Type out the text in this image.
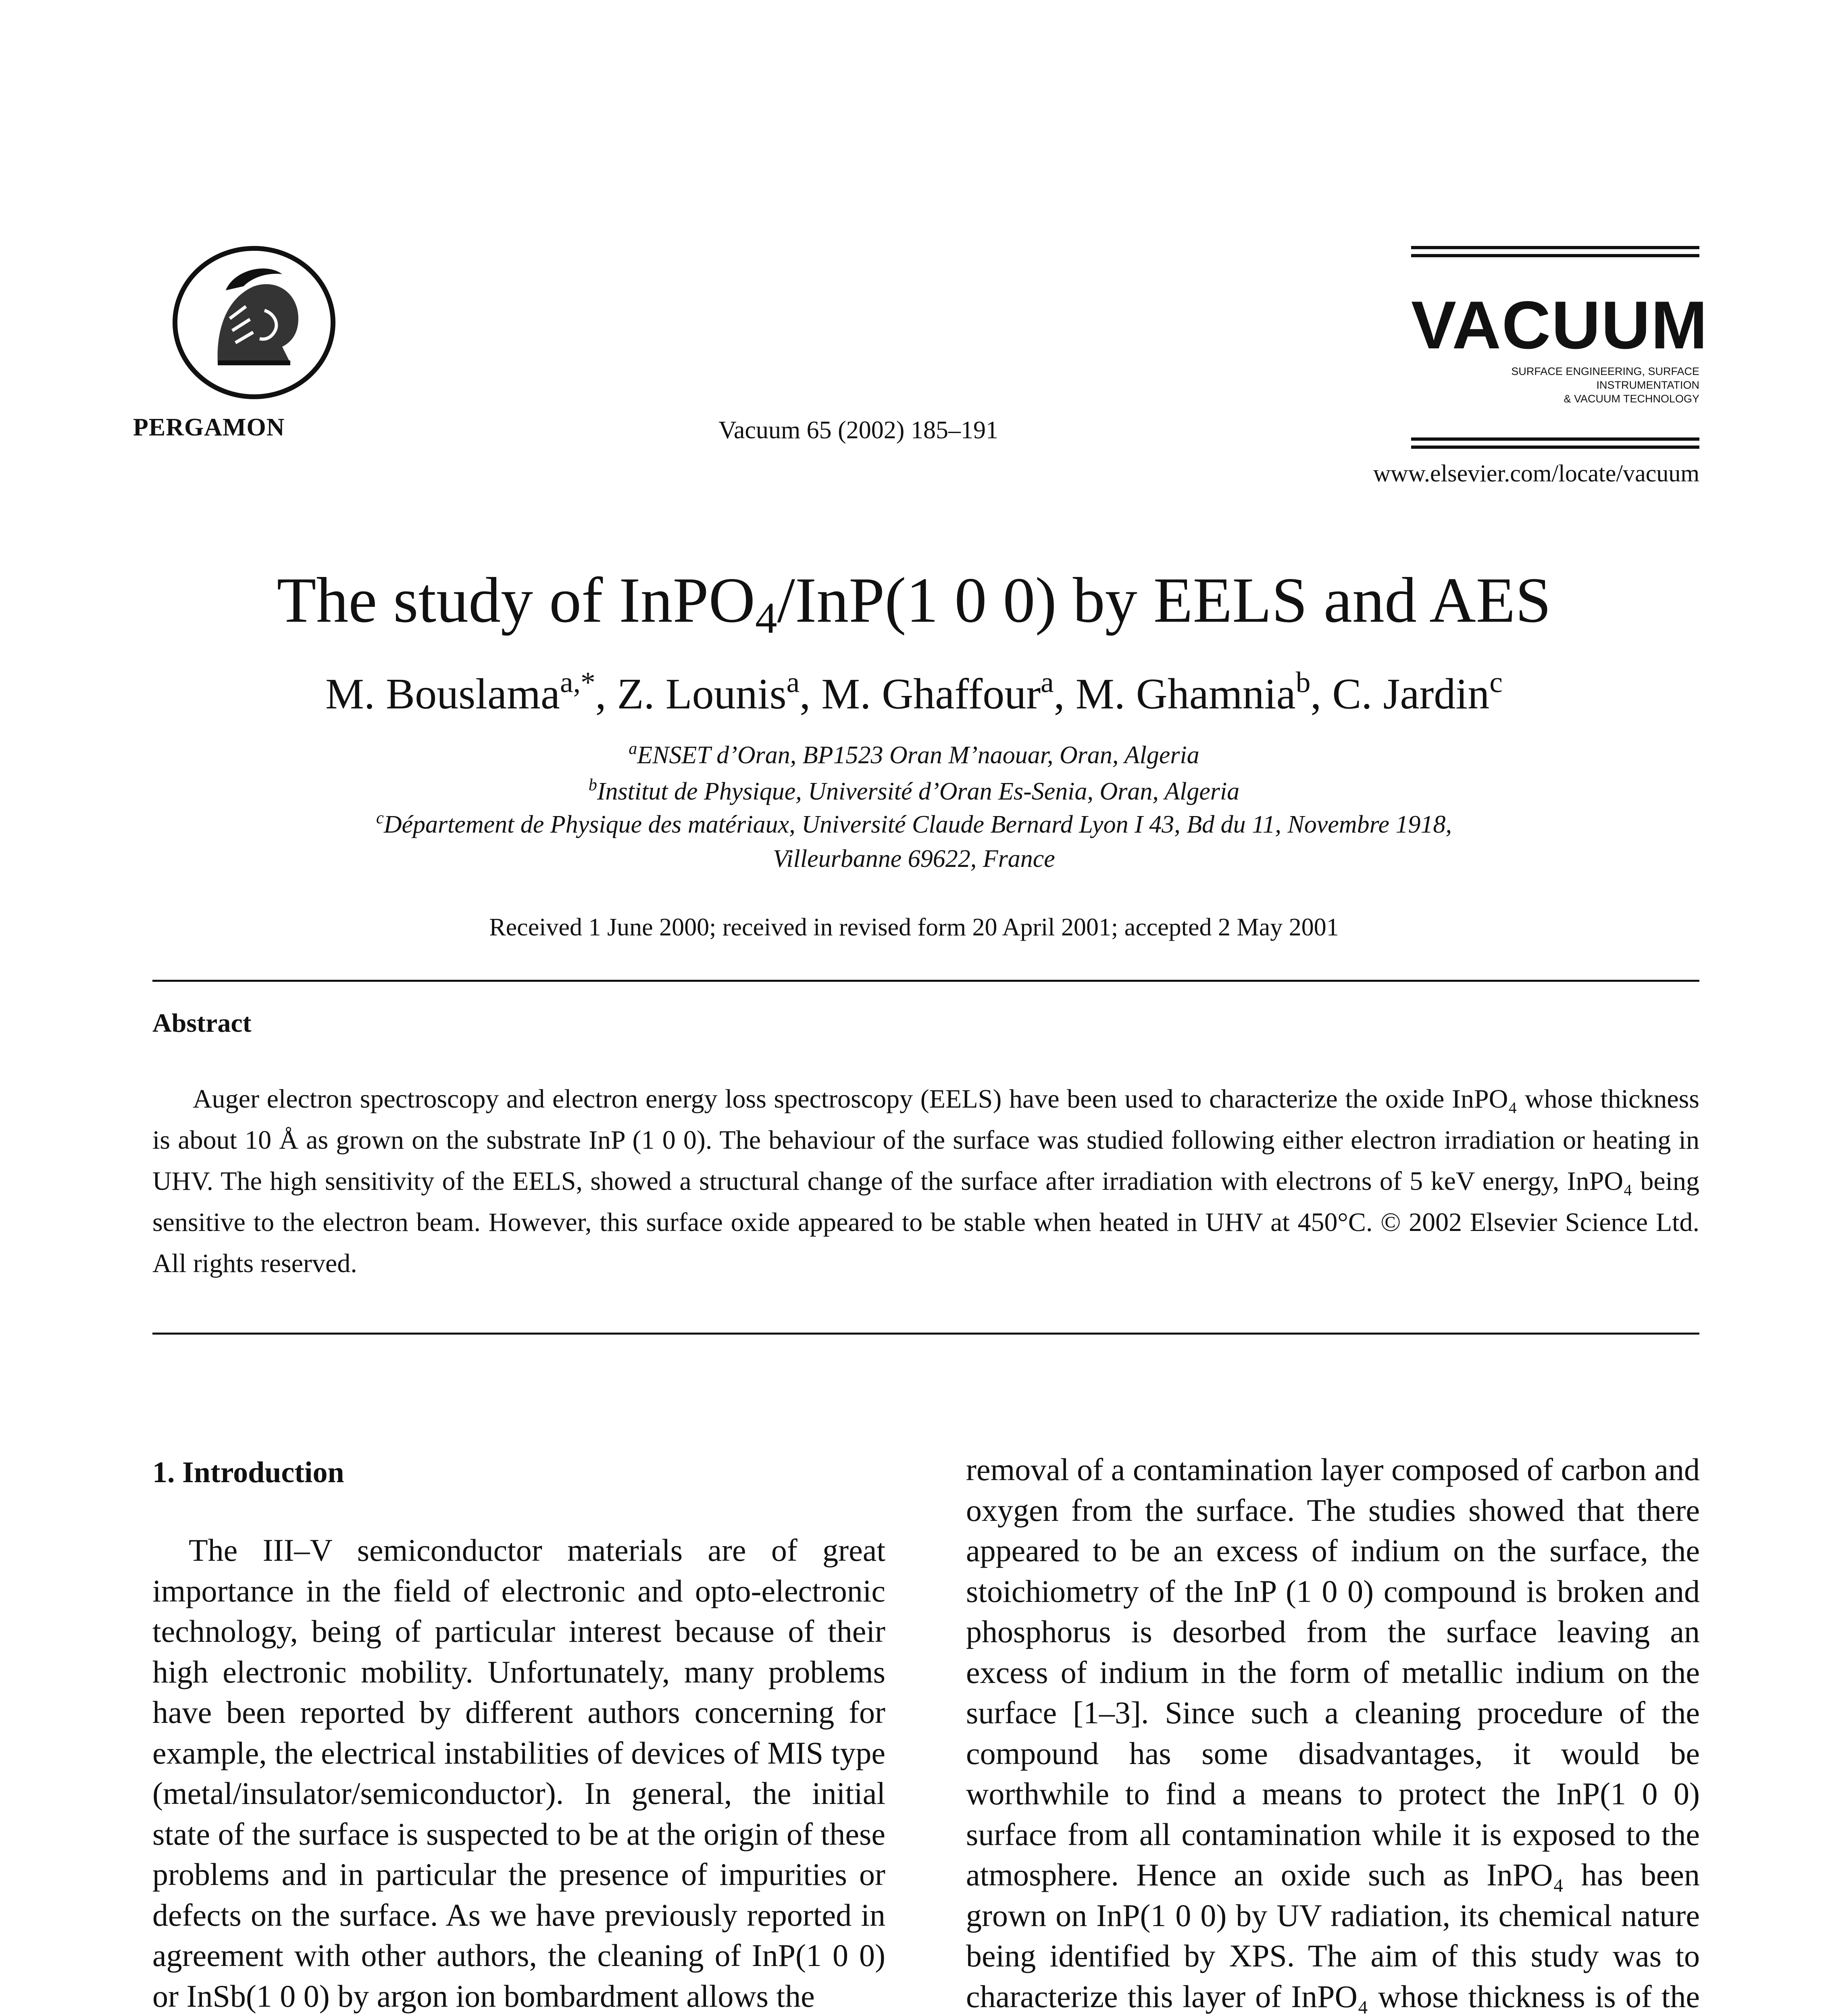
PERGAMON	Vacuum 65 (2002) 185–191
VACUUM
SURFACE ENGINEERING, SURFACE INSTRUMENTATION
& VACUUM TECHNOLOGY
www.elsevier.com/locate/vacuum
The study of InPO$_4$/InP(1 0 0) by EELS and AES
M. Bouslama$^{a,*}$, Z. Lounis$^a$, M. Ghaffour$^a$, M. Ghamnia$^b$, C. Jardin$^c$
$^a$ENSET d’Oran, BP1523 Oran M’naouar, Oran, Algeria
$^b$Institut de Physique, Université d’Oran Es-Senia, Oran, Algeria
$^c$Département de Physique des matériaux, Université Claude Bernard Lyon I 43, Bd du 11, Novembre 1918,
Villeurbanne 69622, France
Received 1 June 2000; received in revised form 20 April 2001; accepted 2 May 2001
Abstract
Auger electron spectroscopy and electron energy loss spectroscopy (EELS) have been used to characterize the oxide InPO₄ whose thickness is about 10 Å as grown on the substrate InP (1 0 0). The behaviour of the surface was studied following either electron irradiation or heating in UHV. The high sensitivity of the EELS, showed a structural change of the surface after irradiation with electrons of 5 keV energy, InPO₄ being sensitive to the electron beam. However, this surface oxide appeared to be stable when heated in UHV at 450°C. © 2002 Elsevier Science Ltd. All rights reserved.
1. Introduction
The III–V semiconductor materials are of great importance in the field of electronic and opto-electronic technology, being of particular interest because of their high electronic mobility. Unfortunately, many problems have been reported by different authors concerning for example, the electrical instabilities of devices of MIS type (metal/insulator/semiconductor). In general, the initial state of the surface is suspected to be at the origin of these problems and in particular the presence of impurities or defects on the surface. As we have previously reported in agreement with other authors, the cleaning of InP(1 0 0) or InSb(1 0 0) by argon ion bombardment allows the
removal of a contamination layer composed of carbon and oxygen from the surface. The studies showed that there appeared to be an excess of indium on the surface, the stoichiometry of the InP (1 0 0) compound is broken and phosphorus is desorbed from the surface leaving an excess of indium in the form of metallic indium on the surface [1–3]. Since such a cleaning procedure of the compound has some disadvantages, it would be worthwhile to find a means to protect the InP(1 0 0) surface from all contamination while it is exposed to the atmosphere. Hence an oxide such as InPO₄ has been grown on InP(1 0 0) by UV radiation, its chemical nature being identified by XPS. The aim of this study was to characterize this layer of InPO₄ whose thickness is of the
